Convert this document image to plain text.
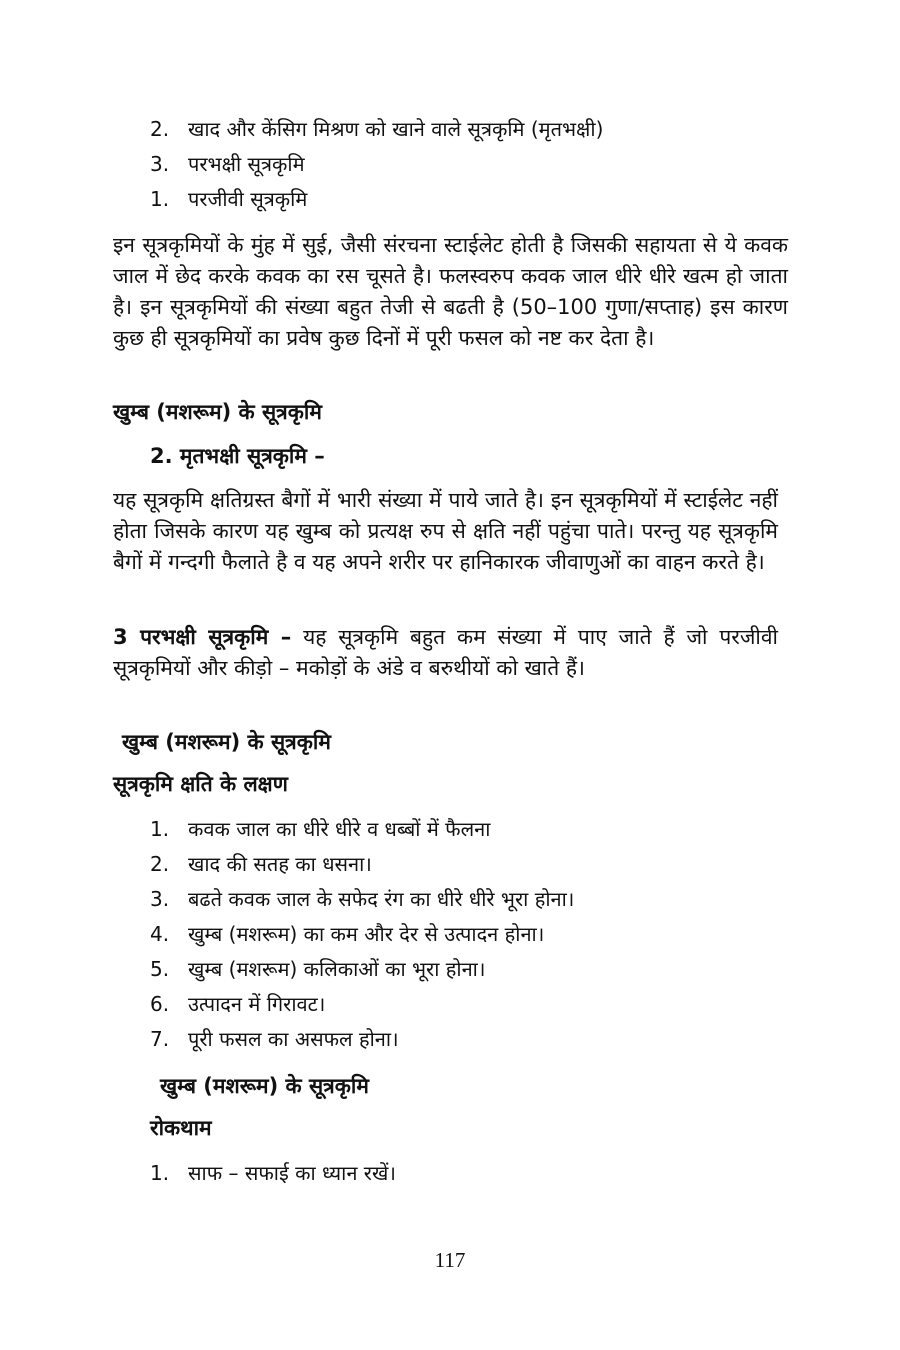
2. खाद और केंसिग मिश्रण को खाने वाले सूत्रकृमि (मृतभक्षी)
3. परभक्षी सूत्रकृमि
1. परजीवी सूत्रकृमि

इन सूत्रकृमियों के मुंह में सुई, जैसी संरचना स्टाईलेट होती है जिसकी सहायता से ये कवक जाल में छेद करके कवक का रस चूसते है। फलस्वरुप कवक जाल धीरे धीरे खत्म हो जाता है। इन सूत्रकृमियों की संख्या बहुत तेजी से बढती है (50–100 गुणा/सप्ताह) इस कारण कुछ ही सूत्रकृमियों का प्रवेष कुछ दिनों में पूरी फसल को नष्ट कर देता है।

खुम्ब (मशरूम) के सूत्रकृमि
2. मृतभक्षी सूत्रकृमि –

यह सूत्रकृमि क्षतिग्रस्त बैगों में भारी संख्या में पाये जाते है। इन सूत्रकृमियों में स्टाईलेट नहीं होता जिसके कारण यह खुम्ब को प्रत्यक्ष रुप से क्षति नहीं पहुंचा पाते। परन्तु यह सूत्रकृमि बैगों में गन्दगी फैलाते है व यह अपने शरीर पर हानिकारक जीवाणुओं का वाहन करते है।

3 परभक्षी सूत्रकृमि – यह सूत्रकृमि बहुत कम संख्या में पाए जाते हैं जो परजीवी सूत्रकृमियों और कीड़ो – मकोड़ों के अंडे व बरुथीयों को खाते हैं।

खुम्ब (मशरूम) के सूत्रकृमि
सूत्रकृमि क्षति के लक्षण
1. कवक जाल का धीरे धीरे व धब्बों में फैलना
2. खाद की सतह का धसना।
3. बढते कवक जाल के सफेद रंग का धीरे धीरे भूरा होना।
4. खुम्ब (मशरूम) का कम और देर से उत्पादन होना।
5. खुम्ब (मशरूम) कलिकाओं का भूरा होना।
6. उत्पादन में गिरावट।
7. पूरी फसल का असफल होना।
खुम्ब (मशरूम) के सूत्रकृमि
रोकथाम
1. साफ – सफाई का ध्यान रखें।
117
